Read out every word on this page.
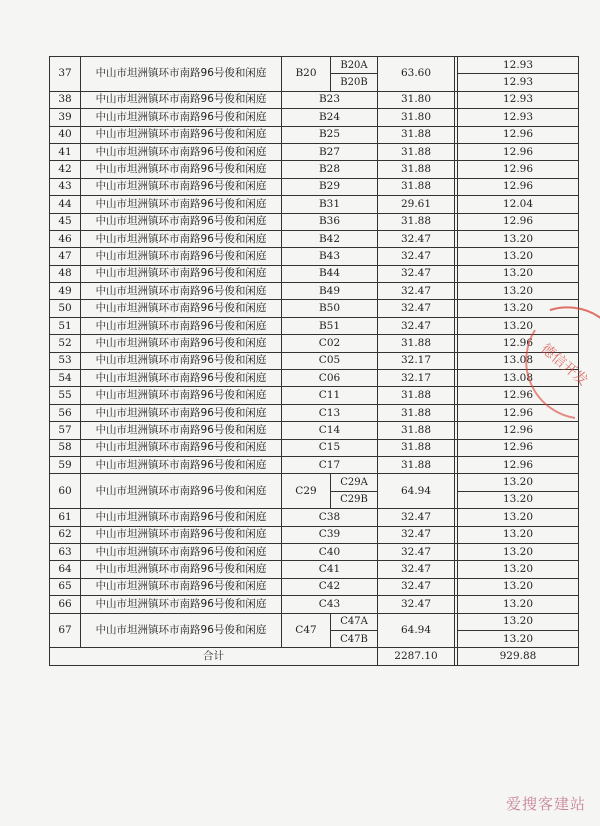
37	中山市坦洲镇环市南路96号俊和闲庭	B20	B20A	63.60		12.93
			B20B			12.93
38	中山市坦洲镇环市南路96号俊和闲庭	B23		31.80		12.93
39	中山市坦洲镇环市南路96号俊和闲庭	B24		31.80		12.93
40	中山市坦洲镇环市南路96号俊和闲庭	B25		31.88		12.96
41	中山市坦洲镇环市南路96号俊和闲庭	B27		31.88		12.96
42	中山市坦洲镇环市南路96号俊和闲庭	B28		31.88		12.96
43	中山市坦洲镇环市南路96号俊和闲庭	B29		31.88		12.96
44	中山市坦洲镇环市南路96号俊和闲庭	B31		29.61		12.04
45	中山市坦洲镇环市南路96号俊和闲庭	B36		31.88		12.96
46	中山市坦洲镇环市南路96号俊和闲庭	B42		32.47		13.20
47	中山市坦洲镇环市南路96号俊和闲庭	B43		32.47		13.20
48	中山市坦洲镇环市南路96号俊和闲庭	B44		32.47		13.20
49	中山市坦洲镇环市南路96号俊和闲庭	B49		32.47		13.20
50	中山市坦洲镇环市南路96号俊和闲庭	B50		32.47		13.20
51	中山市坦洲镇环市南路96号俊和闲庭	B51		32.47		13.20
52	中山市坦洲镇环市南路96号俊和闲庭	C02		31.88		12.96
53	中山市坦洲镇环市南路96号俊和闲庭	C05		32.17		13.08
54	中山市坦洲镇环市南路96号俊和闲庭	C06		32.17		13.08
55	中山市坦洲镇环市南路96号俊和闲庭	C11		31.88		12.96
56	中山市坦洲镇环市南路96号俊和闲庭	C13		31.88		12.96
57	中山市坦洲镇环市南路96号俊和闲庭	C14		31.88		12.96
58	中山市坦洲镇环市南路96号俊和闲庭	C15		31.88		12.96
59	中山市坦洲镇环市南路96号俊和闲庭	C17		31.88		12.96
60	中山市坦洲镇环市南路96号俊和闲庭	C29	C29A	64.94		13.20
			C29B			13.20
61	中山市坦洲镇环市南路96号俊和闲庭	C38		32.47		13.20
62	中山市坦洲镇环市南路96号俊和闲庭	C39		32.47		13.20
63	中山市坦洲镇环市南路96号俊和闲庭	C40		32.47		13.20
64	中山市坦洲镇环市南路96号俊和闲庭	C41		32.47		13.20
65	中山市坦洲镇环市南路96号俊和闲庭	C42		32.47		13.20
66	中山市坦洲镇环市南路96号俊和闲庭	C43		32.47		13.20
67	中山市坦洲镇环市南路96号俊和闲庭	C47	C47A	64.94		13.20
			C47B			13.20
合计				2287.10		929.88
德信开发
爱搜客建站
